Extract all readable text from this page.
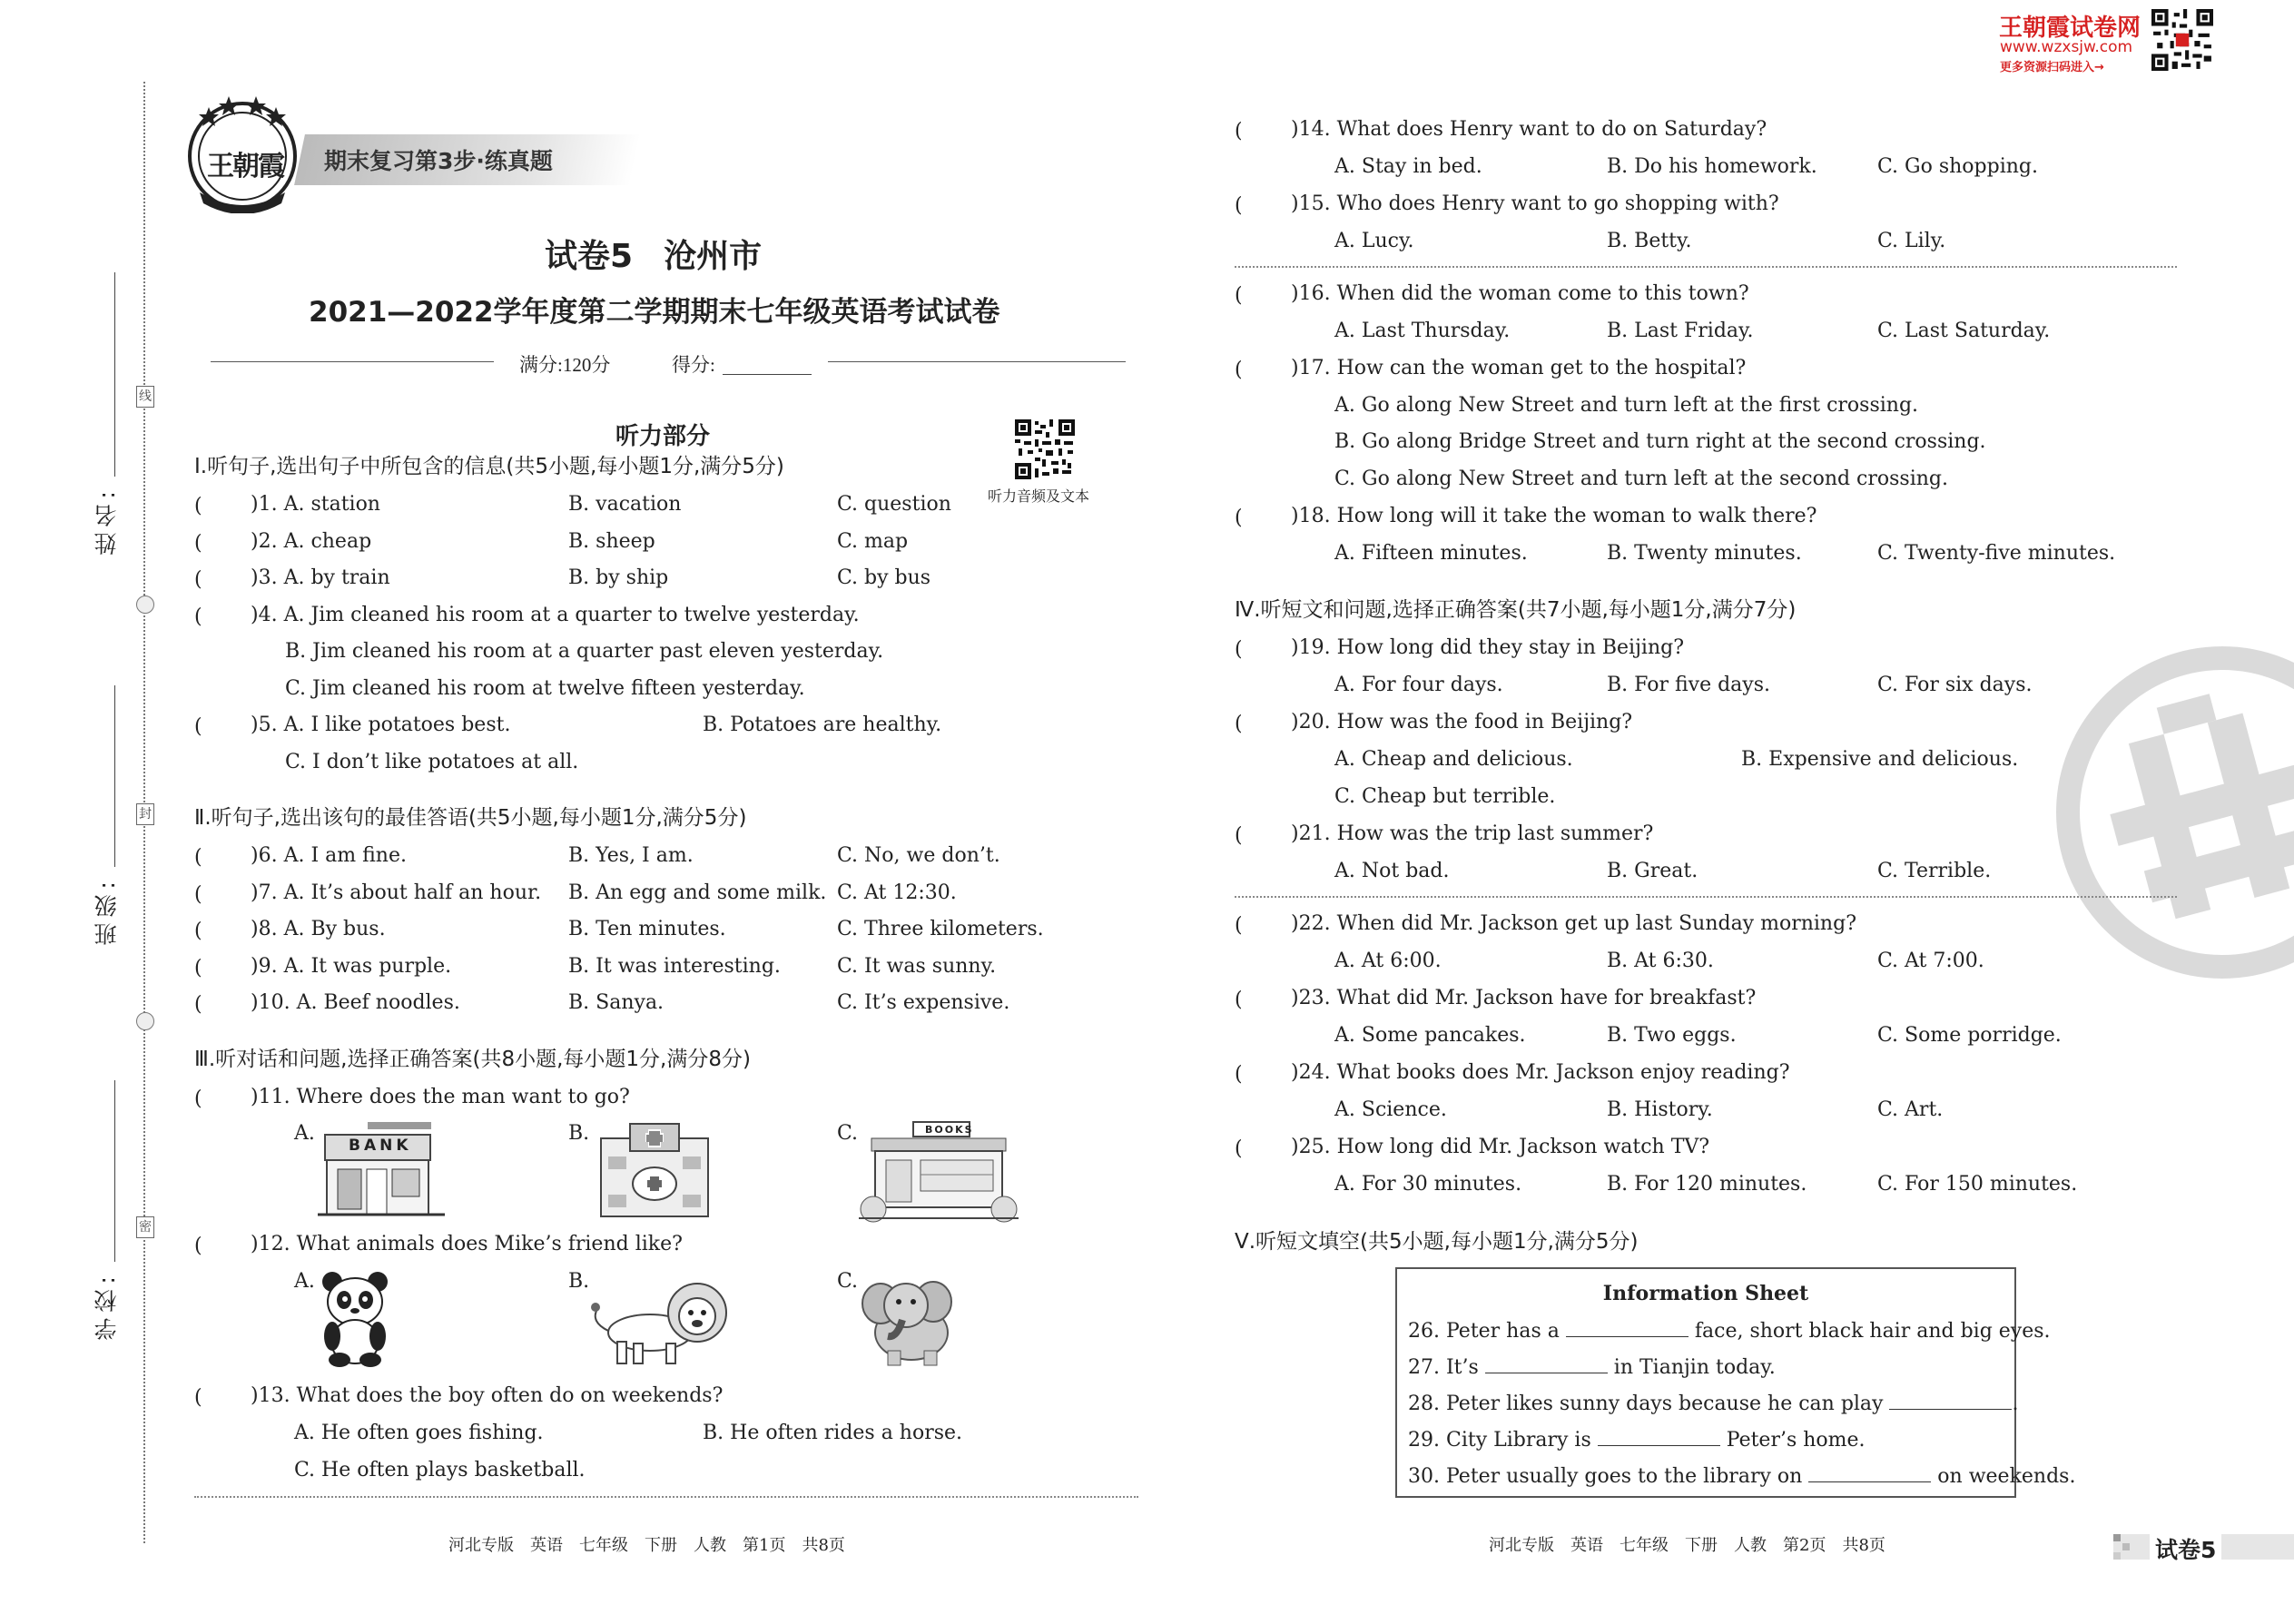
线
封
密
姓名:
班级:
学校:
王朝霞 期末复习第3步·练真题
试卷5 沧州市
2021—2022学年度第二学期期末七年级英语考试试卷
满分:120分	得分:
听力部分
听力音频及文本
Ⅰ.听句子,选出句子中所包含的信息(共5小题,每小题1分,满分5分)
( )1. A. station	B. vacation	C. question
( )2. A. cheap	B. sheep	C. map
( )3. A. by train	B. by ship	C. by bus
( )4. A. Jim cleaned his room at a quarter to twelve yesterday.
B. Jim cleaned his room at a quarter past eleven yesterday.
C. Jim cleaned his room at twelve fifteen yesterday.
( )5. A. I like potatoes best.	B. Potatoes are healthy.
C. I don’t like potatoes at all.
Ⅱ.听句子,选出该句的最佳答语(共5小题,每小题1分,满分5分)
( )6. A. I am fine.	B. Yes, I am.	C. No, we don’t.
( )7. A. It’s about half an hour. B. An egg and some milk. C. At 12:30.
( )8. A. By bus.	B. Ten minutes.	C. Three kilometers.
( )9. A. It was purple.	B. It was interesting.	C. It was sunny.
( )10. A. Beef noodles.	B. Sanya.	C. It’s expensive.
Ⅲ.听对话和问题,选择正确答案(共8小题,每小题1分,满分8分)
( )11. Where does the man want to go?
A.	B.	C.
BANK
BOOKS
( )12. What animals does Mike’s friend like?
A.	B.	C.
( )13. What does the boy often do on weekends?
A. He often goes fishing.	B. He often rides a horse.
C. He often plays basketball.
河北专版　英语　七年级　下册　人教　第1页　共8页
王朝霞试卷网
www.wzxsjw.com
更多资源扫码进入→
( )14. What does Henry want to do on Saturday?
A. Stay in bed.	B. Do his homework.	C. Go shopping.
( )15. Who does Henry want to go shopping with?
A. Lucy.	B. Betty.	C. Lily.
( )16. When did the woman come to this town?
A. Last Thursday.	B. Last Friday.	C. Last Saturday.
( )17. How can the woman get to the hospital?
A. Go along New Street and turn left at the first crossing.
B. Go along Bridge Street and turn right at the second crossing.
C. Go along New Street and turn left at the second crossing.
( )18. How long will it take the woman to walk there?
A. Fifteen minutes.	B. Twenty minutes.	C. Twenty-five minutes.
Ⅳ.听短文和问题,选择正确答案(共7小题,每小题1分,满分7分)
( )19. How long did they stay in Beijing?
A. For four days.	B. For five days.	C. For six days.
( )20. How was the food in Beijing?
A. Cheap and delicious.	B. Expensive and delicious.
C. Cheap but terrible.
( )21. How was the trip last summer?
A. Not bad.	B. Great.	C. Terrible.
( )22. When did Mr. Jackson get up last Sunday morning?
A. At 6:00.	B. At 6:30.	C. At 7:00.
( )23. What did Mr. Jackson have for breakfast?
A. Some pancakes.	B. Two eggs.	C. Some porridge.
( )24. What books does Mr. Jackson enjoy reading?
A. Science.	B. History.	C. Art.
( )25. How long did Mr. Jackson watch TV?
A. For 30 minutes.	B. For 120 minutes.	C. For 150 minutes.
Ⅴ.听短文填空(共5小题,每小题1分,满分5分)
Information Sheet
26. Peter has a	face, short black hair and big eyes.
27. It’s	in Tianjin today.
28. Peter likes sunny days because he can play	.
29. City Library is	Peter’s home.
30. Peter usually goes to the library on	on weekends.
河北专版　英语　七年级　下册　人教　第2页　共8页	试卷5
